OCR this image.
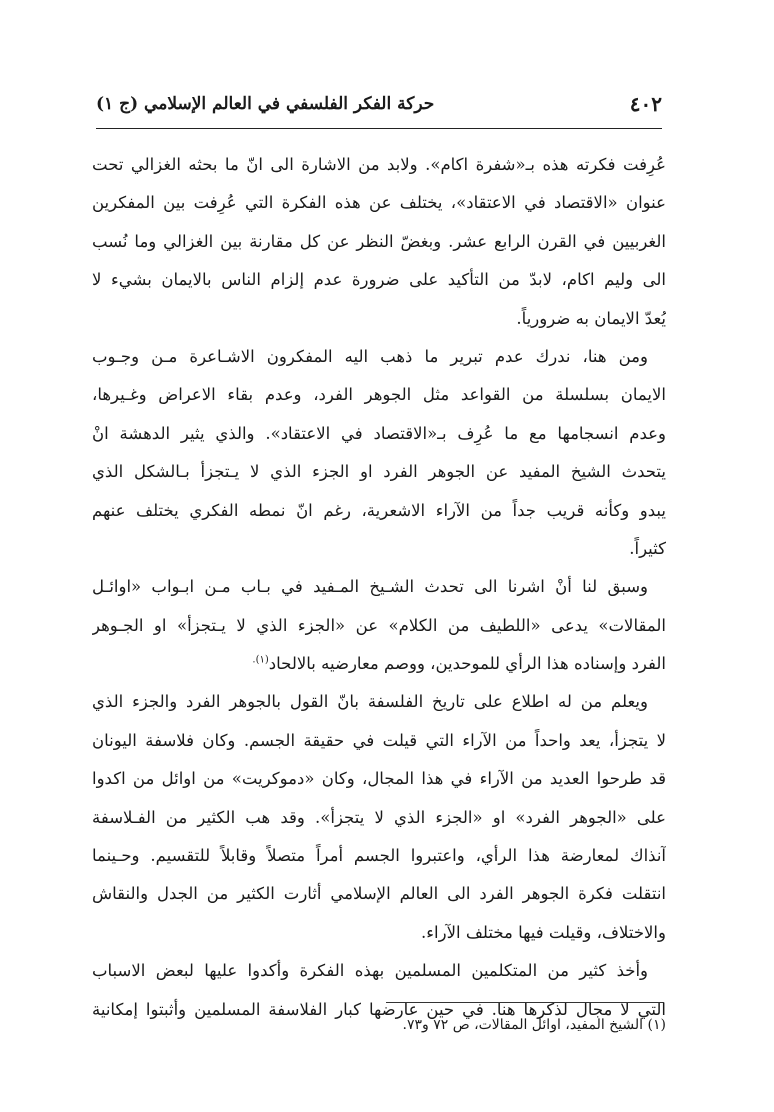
٤٠٢
حركة الفكر الفلسفي في العالم الإسلامي (ج ١)
عُرِفت فكرته هذه بـ«شفرة اكام». ولابد من الاشارة الى انّ ما بحثه الغزالي تحت
عنوان «الاقتصاد في الاعتقاد»، يختلف عن هذه الفكرة التي عُرِفت بين المفكرين
الغربيين في القرن الرابع عشر. وبغضّ النظر عن كل مقارنة بين الغزالي وما نُسب
الى وليم اكام، لابدّ من التأكيد على ضرورة عدم إلزام الناس بالايمان بشيء لا
يُعدّ الايمان به ضرورياً.
ومن هنا، ندرك عدم تبرير ما ذهب اليه المفكرون الاشـاعرة مـن وجـوب
الايمان بسلسلة من القواعد مثل الجوهر الفرد، وعدم بقاء الاعراض وغـيرها،
وعدم انسجامها مع ما عُرِف بـ«الاقتصاد في الاعتقاد». والذي يثير الدهشة انْ
يتحدث الشيخ المفيد عن الجوهر الفرد او الجزء الذي لا يـتجزأ بـالشكل الذي
يبدو وكأنه قريب جداً من الآراء الاشعرية، رغم انّ نمطه الفكري يختلف عنهم
كثيراً.
وسبق لنا أنْ اشرنا الى تحدث الشـيخ المـفيد في بـاب مـن ابـواب «اوائـل
المقالات» يدعى «اللطيف من الكلام» عن «الجزء الذي لا يـتجزأ» او الجـوهر
الفرد وإسناده هذا الرأي للموحدين، ووصم معارضيه بالالحاد$^{(١).}$
ويعلم من له اطلاع على تاريخ الفلسفة بانّ القول بالجوهر الفرد والجزء الذي
لا يتجزأ، يعد واحداً من الآراء التي قيلت في حقيقة الجسم. وكان فلاسفة اليونان
قد طرحوا العديد من الآراء في هذا المجال، وكان «دموكريت» من اوائل من اكدوا
على «الجوهر الفرد» او «الجزء الذي لا يتجزأ». وقد هب الكثير من الفـلاسفة
آنذاك لمعارضة هذا الرأي، واعتبروا الجسم أمراً متصلاً وقابلاً للتقسيم. وحـينما
انتقلت فكرة الجوهر الفرد الى العالم الإسلامي أثارت الكثير من الجدل والنقاش
والاختلاف، وقيلت فيها مختلف الآراء.
وأخذ كثير من المتكلمين المسلمين بهذه الفكرة وأكدوا عليها لبعض الاسباب
التي لا مجال لذكرها هنا. في حين عارضها كبار الفلاسفة المسلمين وأثبتوا إمكانية
(١) الشيخ المفيد، اوائل المقالات، ص ٧٢ و٧٣.
